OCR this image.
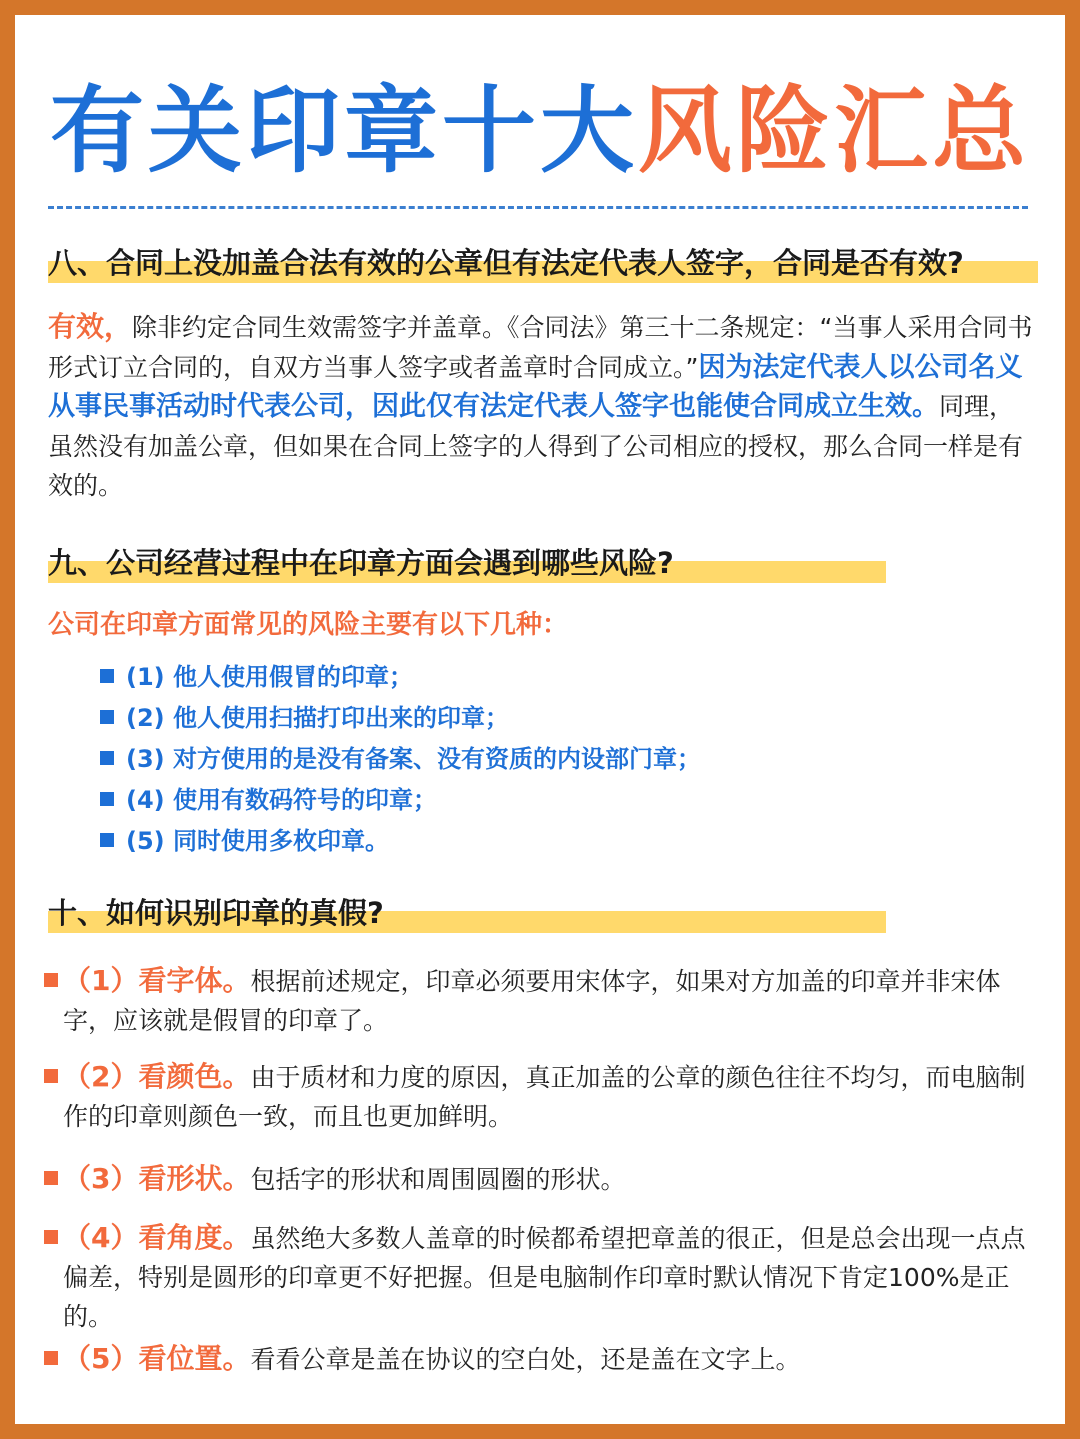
有关印章十大风险汇总
八、合同上没加盖合法有效的公章但有法定代表人签字，合同是否有效?
有效，除非约定合同生效需签字并盖章。《合同法》第三十二条规定：“当事人采用合同书形式订立合同的，自双方当事人签字或者盖章时合同成立。”因为法定代表人以公司名义从事民事活动时代表公司，因此仅有法定代表人签字也能使合同成立生效。同理，虽然没有加盖公章，但如果在合同上签字的人得到了公司相应的授权，那么合同一样是有效的。
九、公司经营过程中在印章方面会遇到哪些风险?
公司在印章方面常见的风险主要有以下几种：
(1) 他人使用假冒的印章；
(2) 他人使用扫描打印出来的印章；
(3) 对方使用的是没有备案、没有资质的内设部门章；
(4) 使用有数码符号的印章；
(5) 同时使用多枚印章。
十、如何识别印章的真假?
（1）看字体。根据前述规定，印章必须要用宋体字，如果对方加盖的印章并非宋体字，应该就是假冒的印章了。
（2）看颜色。由于质材和力度的原因，真正加盖的公章的颜色往往不均匀，而电脑制作的印章则颜色一致，而且也更加鲜明。
（3）看形状。包括字的形状和周围圆圈的形状。
（4）看角度。虽然绝大多数人盖章的时候都希望把章盖的很正，但是总会出现一点点偏差，特别是圆形的印章更不好把握。但是电脑制作印章时默认情况下肯定100%是正的。
（5）看位置。看看公章是盖在协议的空白处，还是盖在文字上。
